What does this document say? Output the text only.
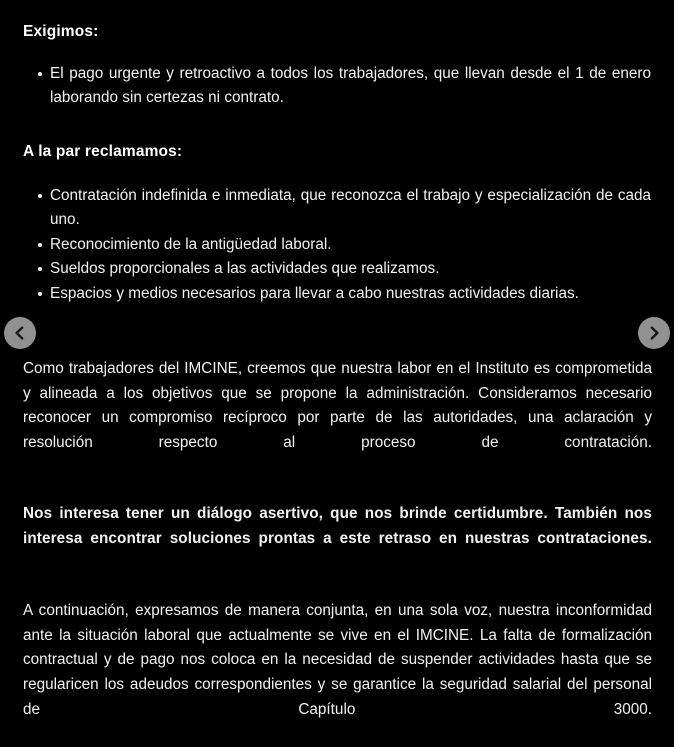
Exigimos:
El pago urgente y retroactivo a todos los trabajadores, que llevan desde el 1 de enero laborando sin certezas ni contrato.
A la par reclamamos:
Contratación indefinida e inmediata, que reconozca el trabajo y especialización de cada uno.
Reconocimiento de la antigüedad laboral.
Sueldos proporcionales a las actividades que realizamos.
Espacios y medios necesarios para llevar a cabo nuestras actividades diarias.

Como trabajadores del IMCINE, creemos que nuestra labor en el Instituto es comprometida y alineada a los objetivos que se propone la administración. Consideramos necesario reconocer un compromiso recíproco por parte de las autoridades, una aclaración y resolución respecto al proceso de contratación.

Nos interesa tener un diálogo asertivo, que nos brinde certidumbre. También nos interesa encontrar soluciones prontas a este retraso en nuestras contrataciones.

A continuación, expresamos de manera conjunta, en una sola voz, nuestra inconformidad ante la situación laboral que actualmente se vive en el IMCINE. La falta de formalización contractual y de pago nos coloca en la necesidad de suspender actividades hasta que se regularicen los adeudos correspondientes y se garantice la seguridad salarial del personal de Capítulo 3000.
